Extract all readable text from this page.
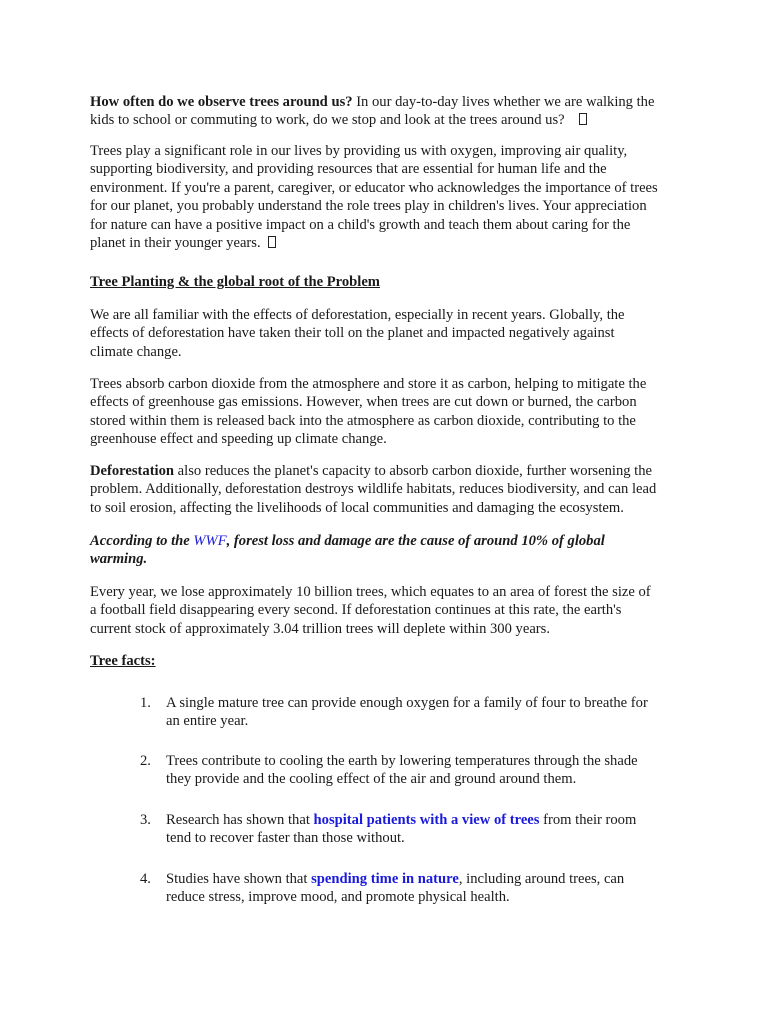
How often do we observe trees around us? In our day-to-day lives whether we are walking the
kids to school or commuting to work, do we stop and look at the trees around us?
Trees play a significant role in our lives by providing us with oxygen, improving air quality,
supporting biodiversity, and providing resources that are essential for human life and the
environment. If you're a parent, caregiver, or educator who acknowledges the importance of trees
for our planet, you probably understand the role trees play in children's lives. Your appreciation
for nature can have a positive impact on a child's growth and teach them about caring for the
planet in their younger years.
Tree Planting & the global root of the Problem
We are all familiar with the effects of deforestation, especially in recent years. Globally, the
effects of deforestation have taken their toll on the planet and impacted negatively against
climate change.
Trees absorb carbon dioxide from the atmosphere and store it as carbon, helping to mitigate the
effects of greenhouse gas emissions. However, when trees are cut down or burned, the carbon
stored within them is released back into the atmosphere as carbon dioxide, contributing to the
greenhouse effect and speeding up climate change.
Deforestation also reduces the planet's capacity to absorb carbon dioxide, further worsening the
problem. Additionally, deforestation destroys wildlife habitats, reduces biodiversity, and can lead
to soil erosion, affecting the livelihoods of local communities and damaging the ecosystem.
According to the WWF, forest loss and damage are the cause of around 10% of global
warming.
Every year, we lose approximately 10 billion trees, which equates to an area of forest the size of
a football field disappearing every second. If deforestation continues at this rate, the earth's
current stock of approximately 3.04 trillion trees will deplete within 300 years.
Tree facts:
1. A single mature tree can provide enough oxygen for a family of four to breathe for
an entire year.
2. Trees contribute to cooling the earth by lowering temperatures through the shade
they provide and the cooling effect of the air and ground around them.
3. Research has shown that hospital patients with a view of trees from their room
tend to recover faster than those without.
4. Studies have shown that spending time in nature, including around trees, can
reduce stress, improve mood, and promote physical health.
